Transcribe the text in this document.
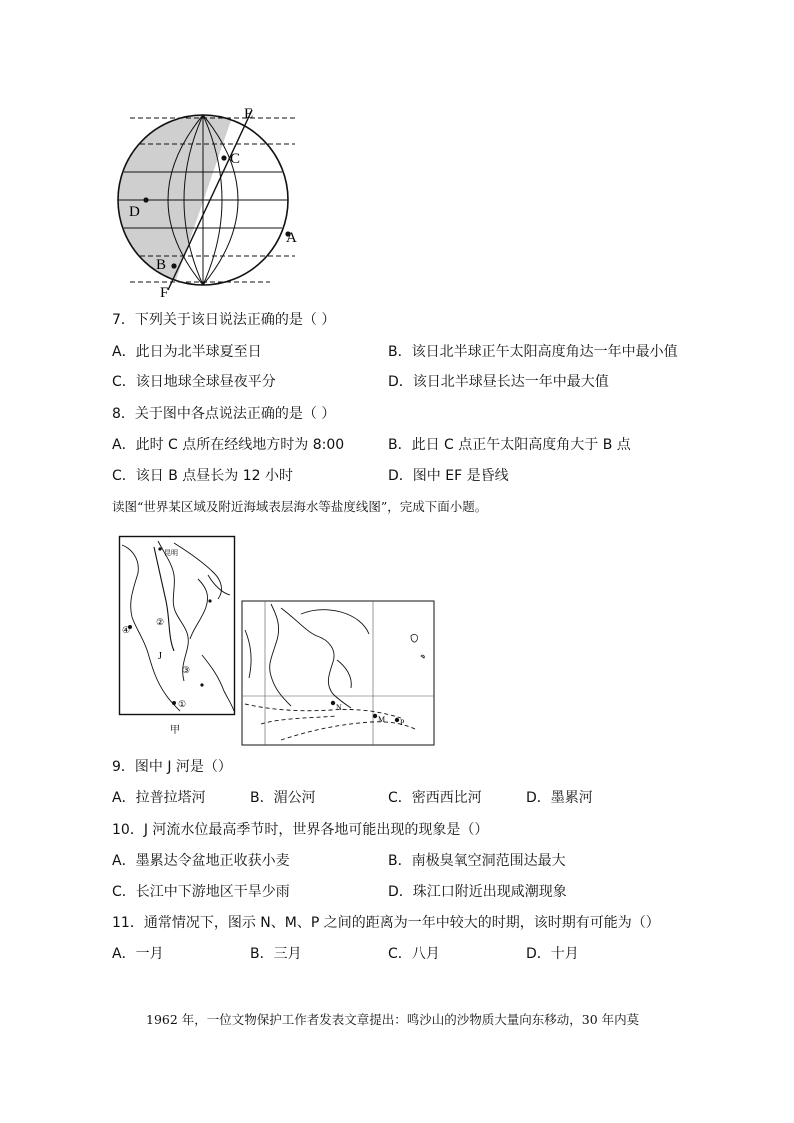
E
C
D
A
B
F
7．下列关于该日说法正确的是（ ）
A．此日为北半球夏至日	B．该日北半球正午太阳高度角达一年中最小值
C．该日地球全球昼夜平分	D．该日北半球昼长达一年中最大值
8．关于图中各点说法正确的是（ ）
A．此时 C 点所在经线地方时为 8:00	B．此日 C 点正午太阳高度角大于 B 点
C．该日 B 点昼长为 12 小时	D．图中 EF 是昏线
读图“世界某区域及附近海域表层海水等盐度线图”，完成下面小题。
昆明
②
④
③
①
J
甲
N
M P
9．图中 J 河是（）
A．拉普拉塔河	B．湄公河	C．密西西比河	D．墨累河
10．J 河流水位最高季节时，世界各地可能出现的现象是（）
A．墨累达令盆地正收获小麦	B．南极臭氧空洞范围达最大
C．长江中下游地区干旱少雨	D．珠江口附近出现咸潮现象
11．通常情况下，图示 N、M、P 之间的距离为一年中较大的时期，该时期有可能为（）
A．一月	B．三月	C．八月	D．十月
1962 年，一位文物保护工作者发表文章提出：鸣沙山的沙物质大量向东移动，30 年内莫
